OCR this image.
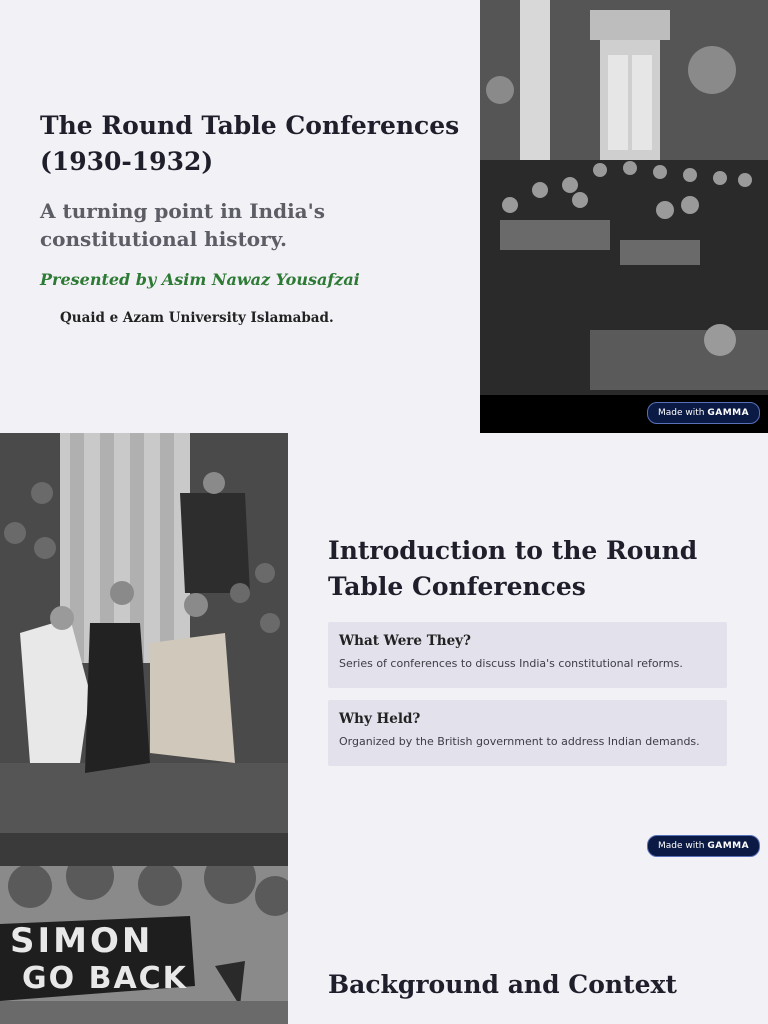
The Round Table Conferences
(1930-1932)
A turning point in India's
constitutional history.
Presented by Asim Nawaz Yousafzai
Quaid e Azam University Islamabad.
Made with GAMMA
Introduction to the Round
Table Conferences
What Were They?

Series of conferences to discuss India's constitutional reforms.

Why Held?

Organized by the British government to address Indian demands.

Made with GAMMA
SIMON
GO BACK	Background and Context
